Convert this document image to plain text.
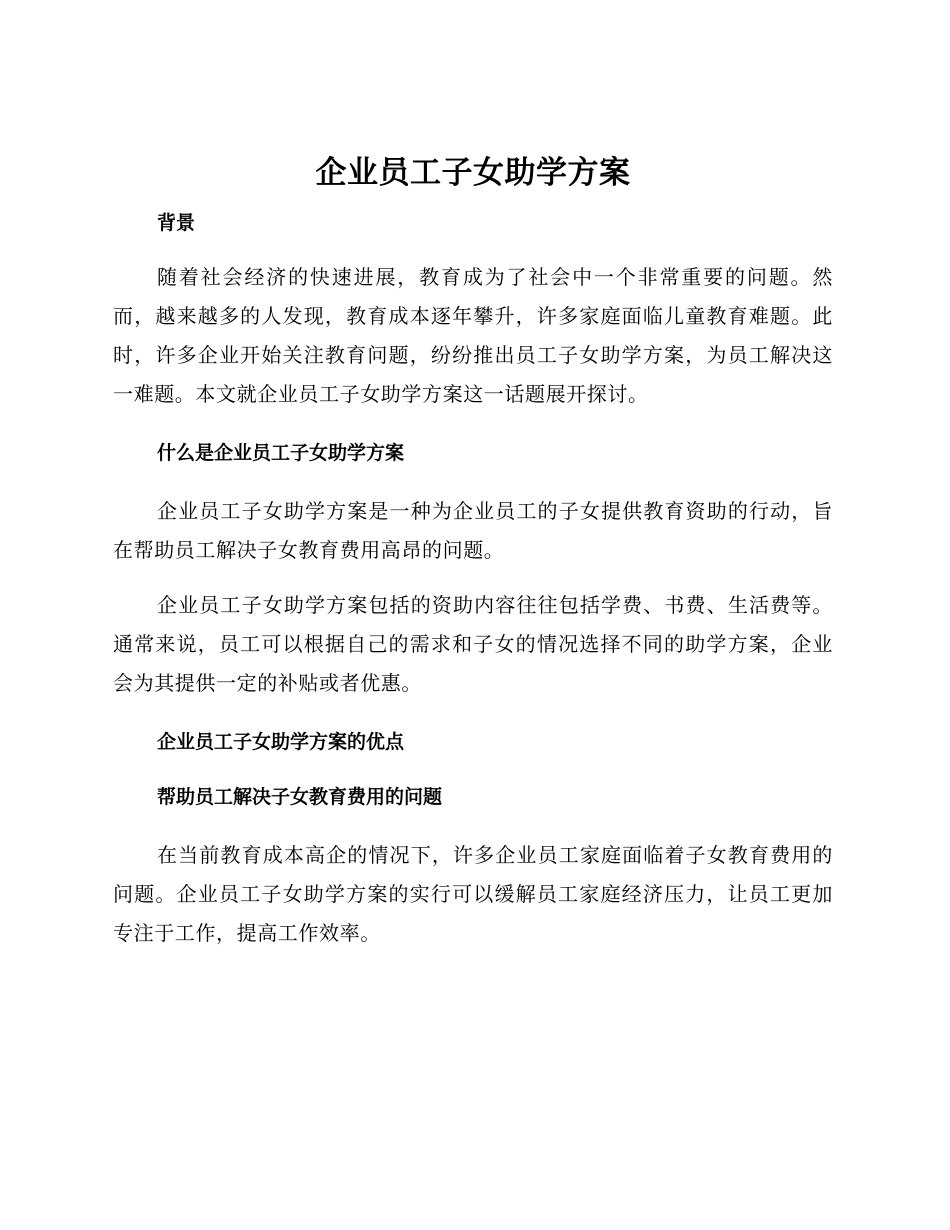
企业员工子女助学方案

背景

随着社会经济的快速进展，教育成为了社会中一个非常重要的问题。然而，越来越多的人发现，教育成本逐年攀升，许多家庭面临儿童教育难题。此时，许多企业开始关注教育问题，纷纷推出员工子女助学方案，为员工解决这一难题。本文就企业员工子女助学方案这一话题展开探讨。

什么是企业员工子女助学方案

企业员工子女助学方案是一种为企业员工的子女提供教育资助的行动，旨在帮助员工解决子女教育费用高昂的问题。

企业员工子女助学方案包括的资助内容往往包括学费、书费、生活费等。通常来说，员工可以根据自己的需求和子女的情况选择不同的助学方案，企业会为其提供一定的补贴或者优惠。

企业员工子女助学方案的优点

帮助员工解决子女教育费用的问题

在当前教育成本高企的情况下，许多企业员工家庭面临着子女教育费用的问题。企业员工子女助学方案的实行可以缓解员工家庭经济压力，让员工更加专注于工作，提高工作效率。
